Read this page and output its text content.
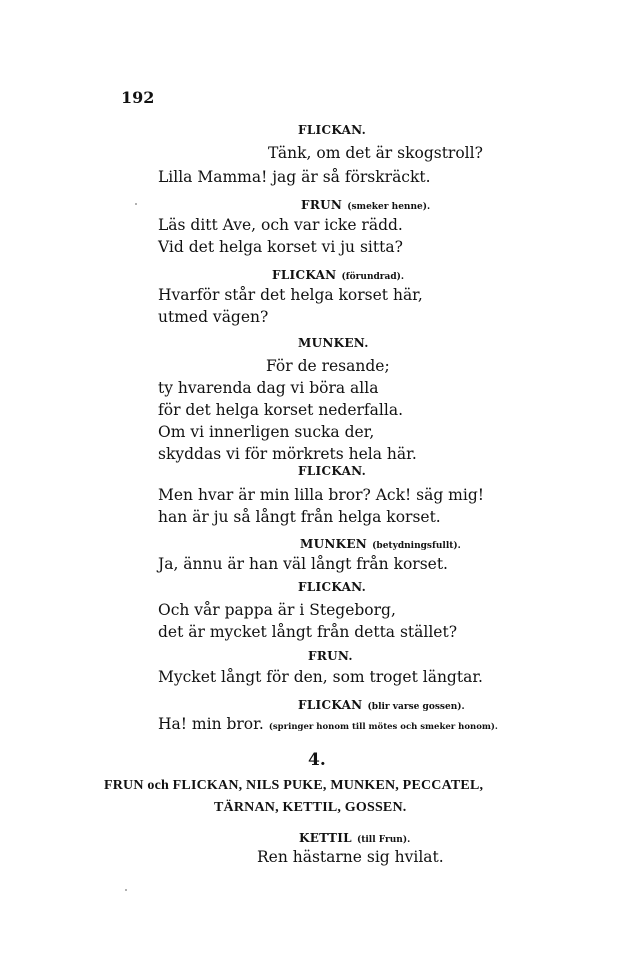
192
FLICKAN.
Tänk, om det är skogstroll?
Lilla Mamma! jag är så förskräckt.
FRUN (smeker henne).
Läs ditt Ave, och var icke rädd.
Vid det helga korset vi ju sitta?
FLICKAN (förundrad).
Hvarför står det helga korset här,
utmed vägen?
MUNKEN.
För de resande;
ty hvarenda dag vi böra alla
för det helga korset nederfalla.
Om vi innerligen sucka der,
skyddas vi för mörkrets hela här.
FLICKAN.
Men hvar är min lilla bror? Ack! säg mig!
han är ju så långt från helga korset.
MUNKEN (betydningsfullt).
Ja, ännu är han väl långt från korset.
FLICKAN.
Och vår pappa är i Stegeborg,
det är mycket långt från detta stället?
FRUN.
Mycket långt för den, som troget längtar.
FLICKAN (blir varse gossen).
Ha! min bror. (springer honom till mötes och smeker honom).
4.
FRUN och FLICKAN, NILS PUKE, MUNKEN, PECCATEL,
TÄRNAN, KETTIL, GOSSEN.
KETTIL (till Frun).
Ren hästarne sig hvilat.
